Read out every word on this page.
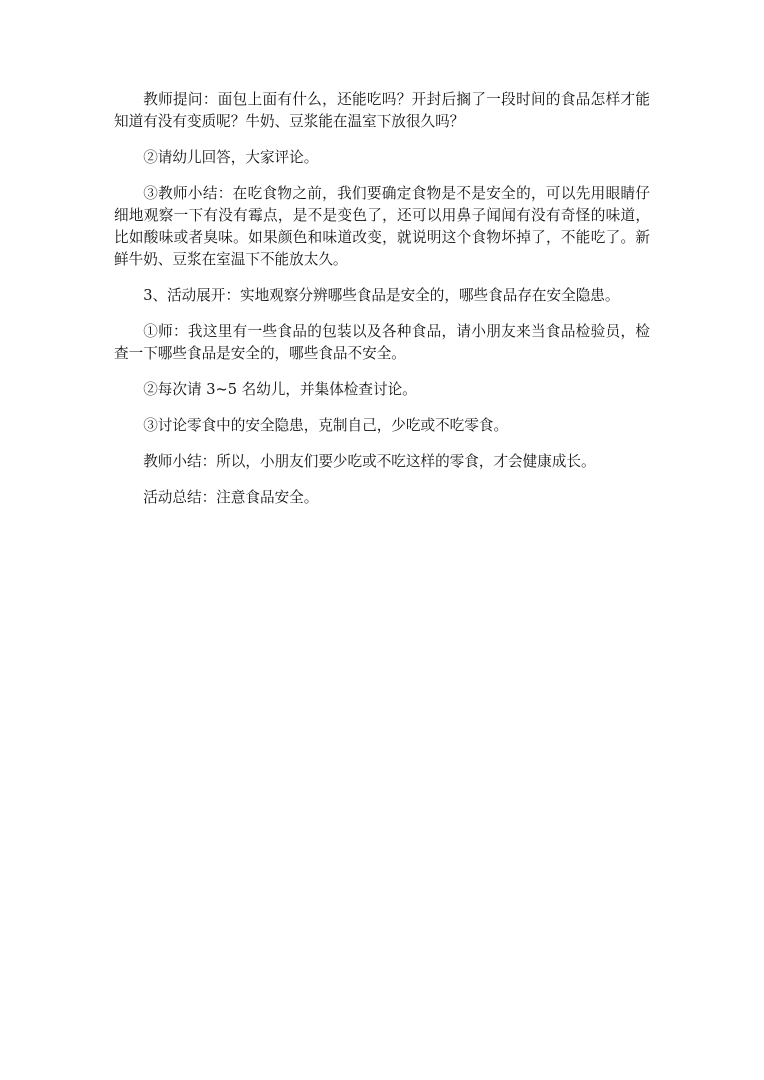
教师提问：面包上面有什么，还能吃吗？开封后搁了一段时间的食品怎样才能知道有没有变质呢？牛奶、豆浆能在温室下放很久吗？

②请幼儿回答，大家评论。

③教师小结：在吃食物之前，我们要确定食物是不是安全的，可以先用眼睛仔细地观察一下有没有霉点，是不是变色了，还可以用鼻子闻闻有没有奇怪的味道，比如酸味或者臭味。如果颜色和味道改变，就说明这个食物坏掉了，不能吃了。新鲜牛奶、豆浆在室温下不能放太久。

3、活动展开：实地观察分辨哪些食品是安全的，哪些食品存在安全隐患。

①师：我这里有一些食品的包装以及各种食品，请小朋友来当食品检验员，检查一下哪些食品是安全的，哪些食品不安全。

②每次请 3~5 名幼儿，并集体检查讨论。

③讨论零食中的安全隐患，克制自己，少吃或不吃零食。

教师小结：所以，小朋友们要少吃或不吃这样的零食，才会健康成长。

活动总结：注意食品安全。
